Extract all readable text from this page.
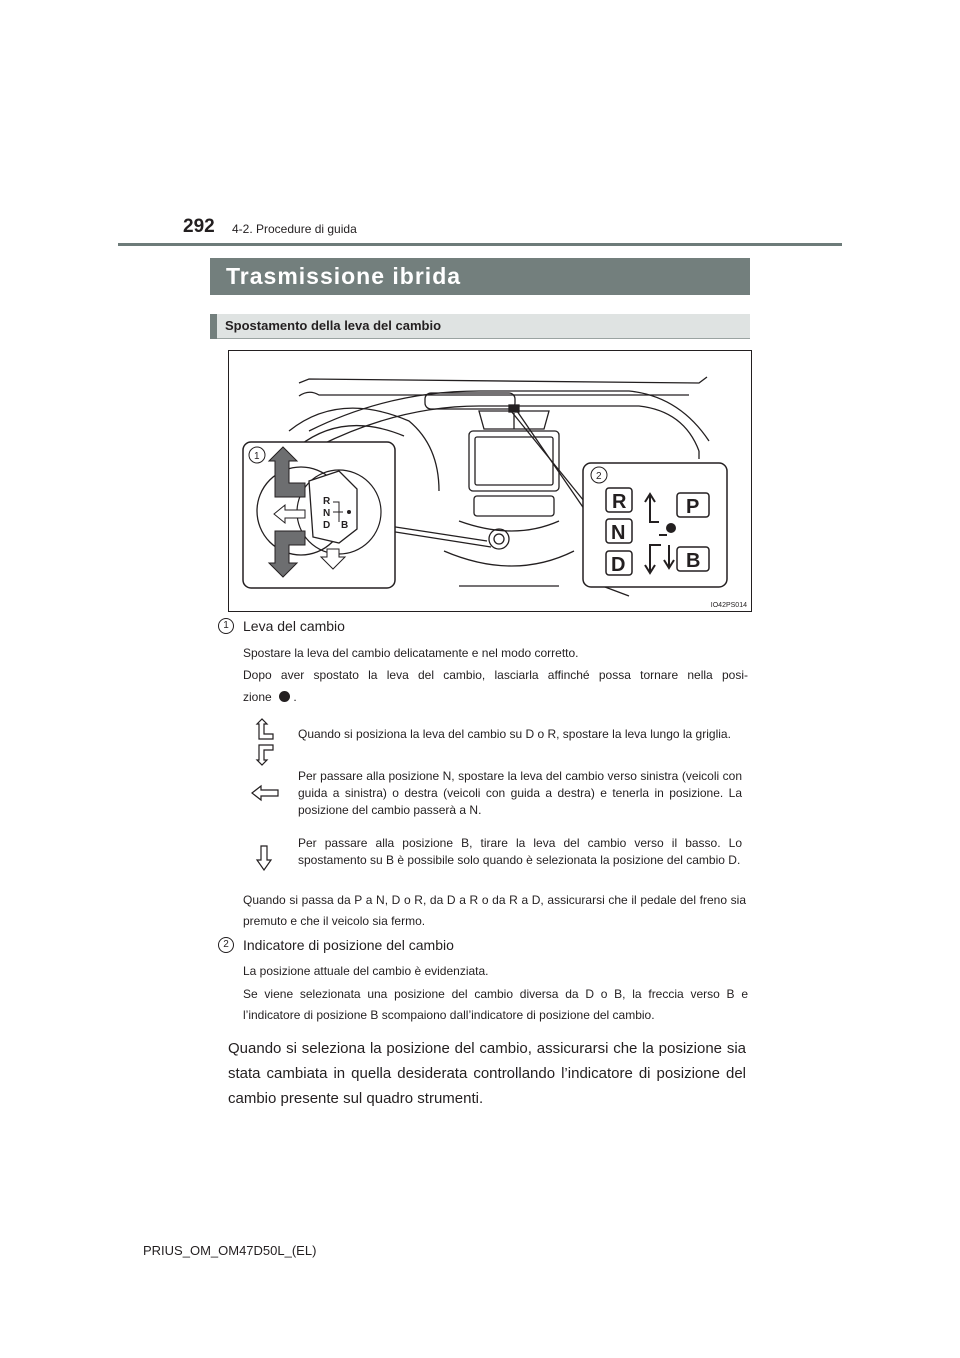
292 4-2. Procedure di guida
Trasmissione ibrida
Spostamento della leva del cambio
R
N
D B
1
2
R
N
D
P
B
IO42PS014
1	Leva del cambio
Spostare la leva del cambio delicatamente e nel modo corretto.
Dopo aver spostato la leva del cambio, lasciarla affinché possa tornare nella posi-
zione .
Quando si posiziona la leva del cambio su D o R, spostare la leva lungo la griglia.
Per passare alla posizione N, spostare la leva del cambio verso sinistra (veicoli con guida a sinistra) o destra (veicoli con guida a destra) e tenerla in posizione. La posizione del cambio passerà a N.
Per passare alla posizione B, tirare la leva del cambio verso il basso. Lo spostamento su B è possibile solo quando è selezionata la posizione del cambio D.
Quando si passa da P a N, D o R, da D a R o da R a D, assicurarsi che il pedale del freno sia premuto e che il veicolo sia fermo.
2	Indicatore di posizione del cambio
La posizione attuale del cambio è evidenziata.
Se viene selezionata una posizione del cambio diversa da D o B, la freccia verso B e l’indicatore di posizione B scompaiono dall’indicatore di posizione del cambio.
Quando si seleziona la posizione del cambio, assicurarsi che la posizione sia stata cambiata in quella desiderata controllando l’indicatore di posizione del cambio presente sul quadro strumenti.
PRIUS_OM_OM47D50L_(EL)
